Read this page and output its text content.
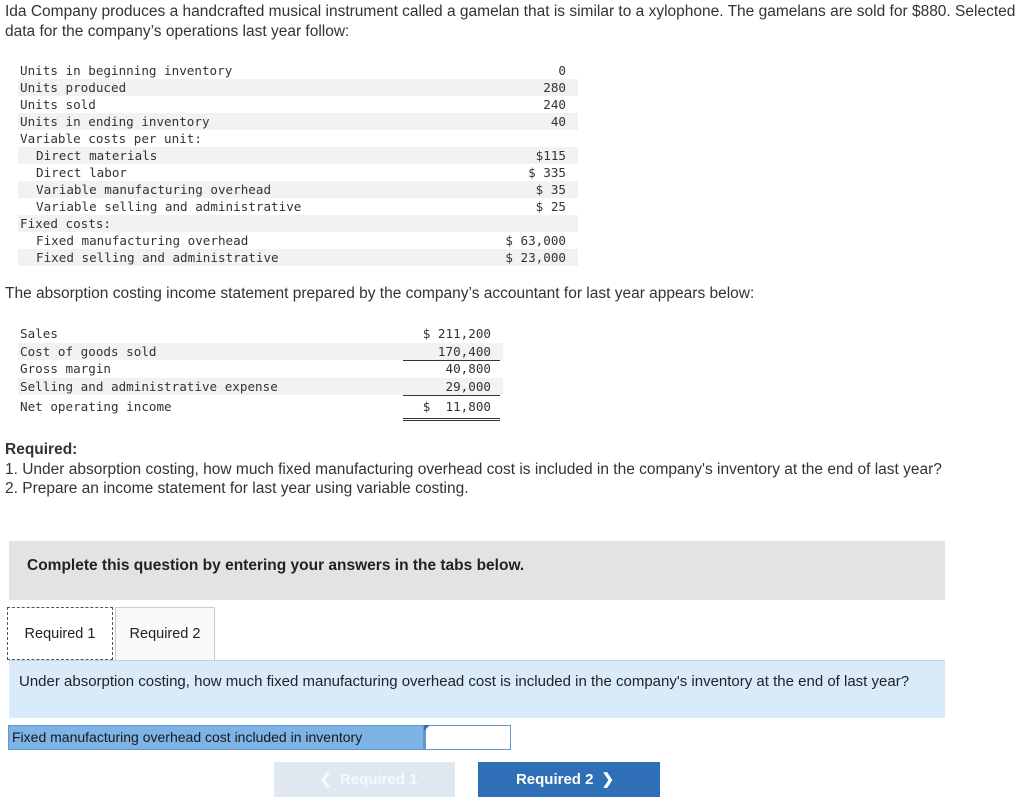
Ida Company produces a handcrafted musical instrument called a gamelan that is similar to a xylophone. The gamelans are sold for $880. Selected data for the company’s operations last year follow:
Units in beginning inventory	0
Units produced	280
Units sold	240
Units in ending inventory	40
Variable costs per unit:
Direct materials	$115
Direct labor	$ 335
Variable manufacturing overhead	$ 35
Variable selling and administrative	$ 25
Fixed costs:
Fixed manufacturing overhead	$ 63,000
Fixed selling and administrative	$ 23,000
The absorption costing income statement prepared by the company’s accountant for last year appears below:
Sales	$ 211,200
Cost of goods sold	170,400
Gross margin	40,800
Selling and administrative expense	29,000
Net operating income	$  11,800
Required:
1. Under absorption costing, how much fixed manufacturing overhead cost is included in the company's inventory at the end of last year?
2. Prepare an income statement for last year using variable costing.
Complete this question by entering your answers in the tabs below.
Required 1	Required 2
Under absorption costing, how much fixed manufacturing overhead cost is included in the company's inventory at the end of last year?
Fixed manufacturing overhead cost included in inventory
❮ Required 1	Required 2 ❯
